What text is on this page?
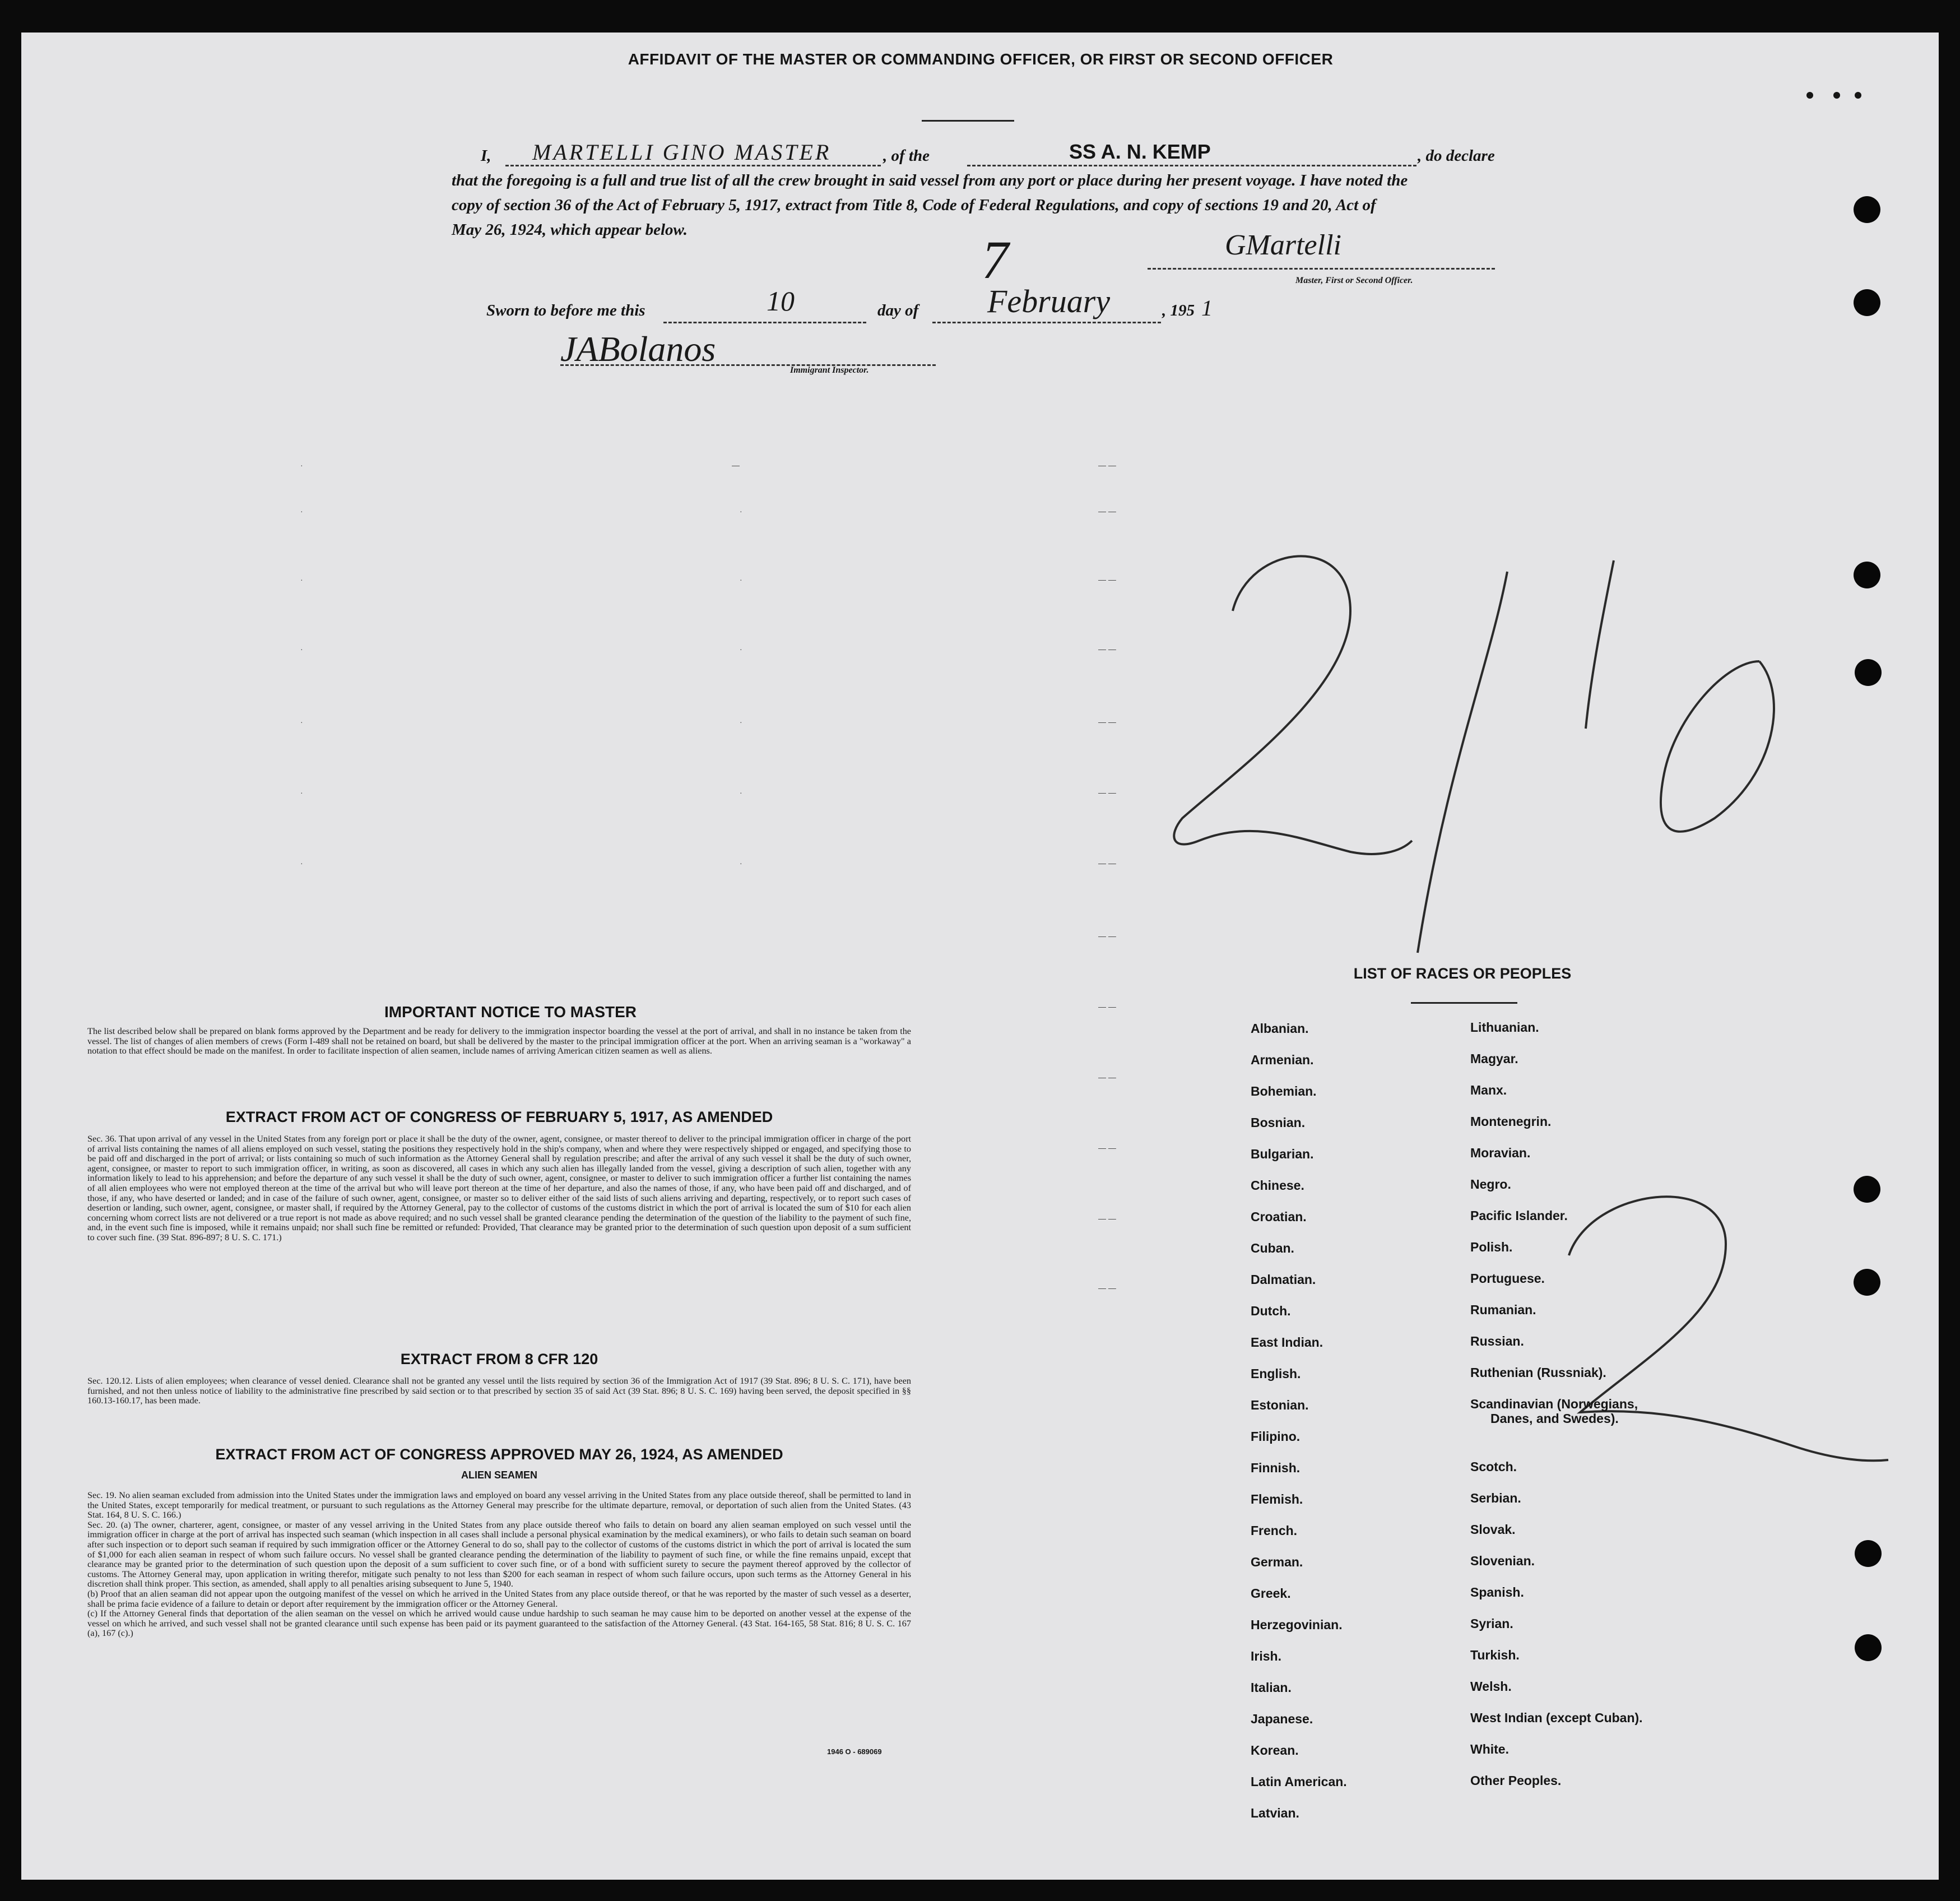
AFFIDAVIT OF THE MASTER OR COMMANDING OFFICER, OR FIRST OR SECOND OFFICER
I, MARTELLI GINO MASTER	, of the	SS A. N. KEMP	, do declare
that the foregoing is a full and true list of all the crew brought in said vessel from any port or place during her present voyage. I have noted the
copy of section 36 of the Act of February 5, 1917, extract from Title 8, Code of Federal Regulations, and copy of sections 19 and 20, Act of
May 26, 1924, which appear below.	GMartelli
Master, First or Second Officer.
Sworn to before me this	10	day of February
7
, 195 1
JABolanos
Immigrant Inspector.
·	—	— —
·	·	— —
·	·	— —
·	·	— —
·	·	— —
·	·	— —
·	·	— —
— —
— —
— —
— —
— —
— —
IMPORTANT NOTICE TO MASTER

The list described below shall be prepared on blank forms approved by the Department and be ready for delivery to the immigration inspector boarding the vessel at the port of arrival, and shall in no instance be taken from the vessel. The list of changes of alien members of crews (Form I-489 shall not be retained on board, but shall be delivered by the master to the principal immigration officer at the port. When an arriving seaman is a "workaway" a notation to that effect should be made on the manifest. In order to facilitate inspection of alien seamen, include names of arriving American citizen seamen as well as aliens.

EXTRACT FROM ACT OF CONGRESS OF FEBRUARY 5, 1917, AS AMENDED

Sec. 36. That upon arrival of any vessel in the United States from any foreign port or place it shall be the duty of the owner, agent, consignee, or master thereof to deliver to the principal immigration officer in charge of the port of arrival lists containing the names of all aliens employed on such vessel, stating the positions they respectively hold in the ship's company, when and where they were respectively shipped or engaged, and specifying those to be paid off and discharged in the port of arrival; or lists containing so much of such information as the Attorney General shall by regulation prescribe; and after the arrival of any such vessel it shall be the duty of such owner, agent, consignee, or master to report to such immigration officer, in writing, as soon as discovered, all cases in which any such alien has illegally landed from the vessel, giving a description of such alien, together with any information likely to lead to his apprehension; and before the departure of any such vessel it shall be the duty of such owner, agent, consignee, or master to deliver to such immigration officer a further list containing the names of all alien employees who were not employed thereon at the time of the arrival but who will leave port thereon at the time of her departure, and also the names of those, if any, who have been paid off and discharged, and of those, if any, who have deserted or landed; and in case of the failure of such owner, agent, consignee, or master so to deliver either of the said lists of such aliens arriving and departing, respectively, or to report such cases of desertion or landing, such owner, agent, consignee, or master shall, if required by the Attorney General, pay to the collector of customs of the customs district in which the port of arrival is located the sum of $10 for each alien concerning whom correct lists are not delivered or a true report is not made as above required; and no such vessel shall be granted clearance pending the determination of the question of the liability to the payment of such fine, and, in the event such fine is imposed, while it remains unpaid; nor shall such fine be remitted or refunded: Provided, That clearance may be granted prior to the determination of such question upon deposit of a sum sufficient to cover such fine. (39 Stat. 896-897; 8 U. S. C. 171.)

EXTRACT FROM 8 CFR 120

Sec. 120.12. Lists of alien employees; when clearance of vessel denied. Clearance shall not be granted any vessel until the lists required by section 36 of the Immigration Act of 1917 (39 Stat. 896; 8 U. S. C. 171), have been furnished, and not then unless notice of liability to the administrative fine prescribed by said section or to that prescribed by section 35 of said Act (39 Stat. 896; 8 U. S. C. 169) having been served, the deposit specified in §§ 160.13-160.17, has been made.

EXTRACT FROM ACT OF CONGRESS APPROVED MAY 26, 1924, AS AMENDED
ALIEN SEAMEN

Sec. 19. No alien seaman excluded from admission into the United States under the immigration laws and employed on board any vessel arriving in the United States from any place outside thereof, shall be permitted to land in the United States, except temporarily for medical treatment, or pursuant to such regulations as the Attorney General may prescribe for the ultimate departure, removal, or deportation of such alien from the United States. (43 Stat. 164, 8 U. S. C. 166.)

Sec. 20. (a) The owner, charterer, agent, consignee, or master of any vessel arriving in the United States from any place outside thereof who fails to detain on board any alien seaman employed on such vessel until the immigration officer in charge at the port of arrival has inspected such seaman (which inspection in all cases shall include a personal physical examination by the medical examiners), or who fails to detain such seaman on board after such inspection or to deport such seaman if required by such immigration officer or the Attorney General to do so, shall pay to the collector of customs of the customs district in which the port of arrival is located the sum of $1,000 for each alien seaman in respect of whom such failure occurs. No vessel shall be granted clearance pending the determination of the liability to payment of such fine, or while the fine remains unpaid, except that clearance may be granted prior to the determination of such question upon the deposit of a sum sufficient to cover such fine, or of a bond with sufficient surety to secure the payment thereof approved by the collector of customs. The Attorney General may, upon application in writing therefor, mitigate such penalty to not less than $200 for each seaman in respect of whom such failure occurs, upon such terms as the Attorney General in his discretion shall think proper. This section, as amended, shall apply to all penalties arising subsequent to June 5, 1940.

(b) Proof that an alien seaman did not appear upon the outgoing manifest of the vessel on which he arrived in the United States from any place outside thereof, or that he was reported by the master of such vessel as a deserter, shall be prima facie evidence of a failure to detain or deport after requirement by the immigration officer or the Attorney General.

(c) If the Attorney General finds that deportation of the alien seaman on the vessel on which he arrived would cause undue hardship to such seaman he may cause him to be deported on another vessel at the expense of the vessel on which he arrived, and such vessel shall not be granted clearance until such expense has been paid or its payment guaranteed to the satisfaction of the Attorney General. (43 Stat. 164-165, 58 Stat. 816; 8 U. S. C. 167 (a), 167 (c).)

1946 O - 689069
LIST OF RACES OR PEOPLES
Albanian.
Armenian.
Bohemian.
Bosnian.
Bulgarian.
Chinese.
Croatian.
Cuban.
Dalmatian.
Dutch.
East Indian.
English.
Estonian.
Filipino.
Finnish.
Flemish.
French.
German.
Greek.
Herzegovinian.
Irish.
Italian.
Japanese.
Korean.
Latin American.
Latvian.
Lithuanian.
Magyar.
Manx.
Montenegrin.
Moravian.
Negro.
Pacific Islander.
Polish.
Portuguese.
Rumanian.
Russian.
Ruthenian (Russniak).
Scandinavian (Norwegians,
Danes, and Swedes).
Scotch.
Serbian.
Slovak.
Slovenian.
Spanish.
Syrian.
Turkish.
Welsh.
West Indian (except Cuban).
White.
Other Peoples.
